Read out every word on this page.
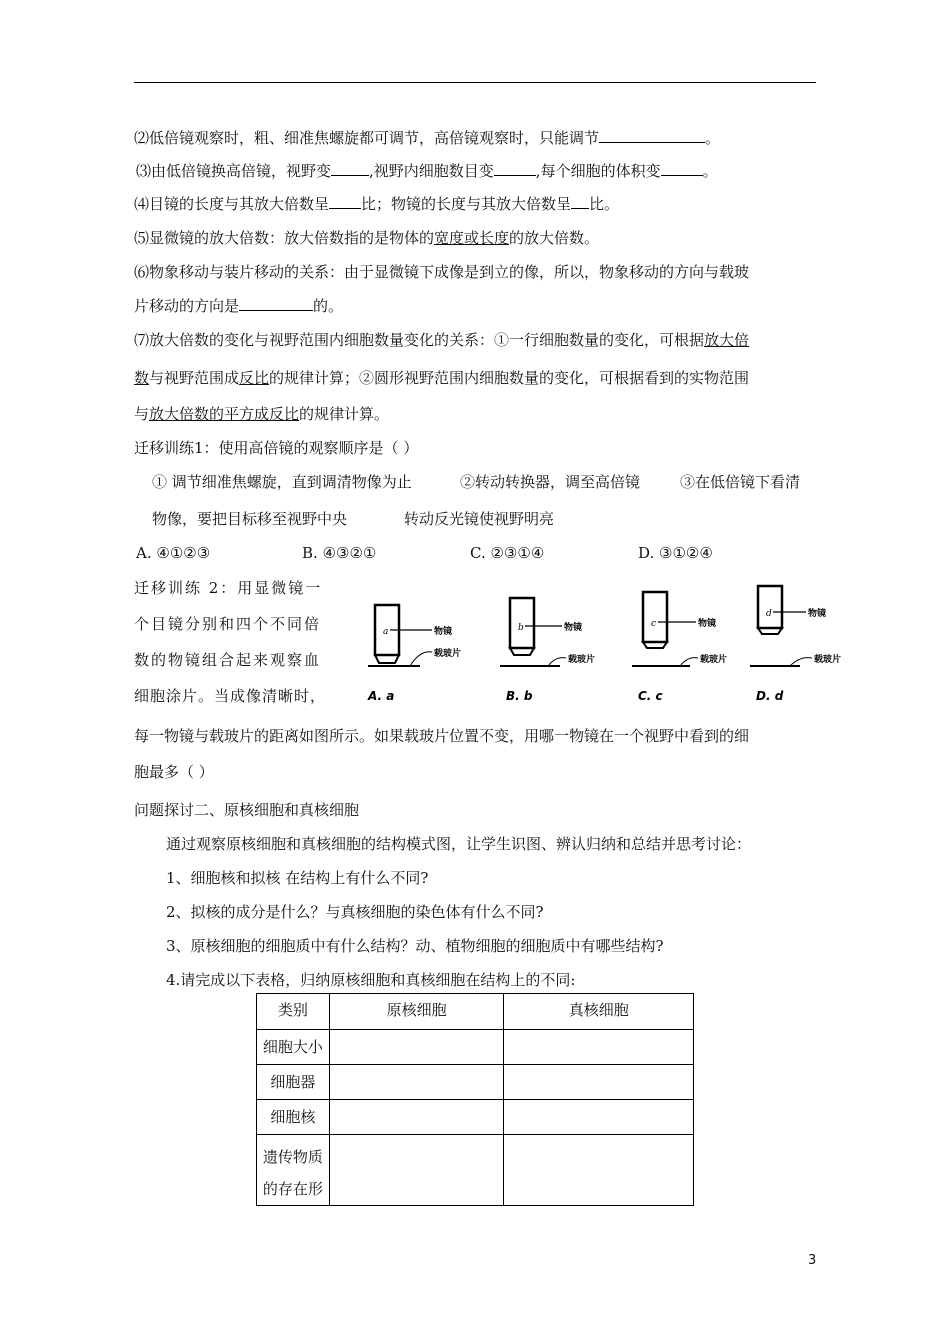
⑵低倍镜观察时，粗、细准焦螺旋都可调节，高倍镜观察时，只能调节	。
⑶由低倍镜换高倍镜，视野变	,视野内细胞数目变	,每个细胞的体积变	。
⑷目镜的长度与其放大倍数呈 比；物镜的长度与其放大倍数呈 比。
⑸显微镜的放大倍数：放大倍数指的是物体的宽度或长度的放大倍数。
⑹物象移动与装片移动的关系：由于显微镜下成像是到立的像，所以，物象移动的方向与载玻
片移动的方向是	的。
⑺放大倍数的变化与视野范围内细胞数量变化的关系：①一行细胞数量的变化，可根据放大倍
数与视野范围成反比的规律计算；②圆形视野范围内细胞数量的变化，可根据看到的实物范围
与放大倍数的平方成反比的规律计算。
迁移训练1：使用高倍镜的观察顺序是（ ）
① 调节细准焦螺旋，直到调清物像为止	②转动转换器，调至高倍镜	③在低倍镜下看清
物像，要把目标移至视野中央	转动反光镜使视野明亮
A. ④①②③	B. ④③②①	C. ②③①④	D. ③①②④
迁移训练 2：用显微镜一
个目镜分别和四个不同倍
数的物镜组合起来观察血
细胞涂片。当成像清晰时，
a	物镜
载玻片
A. a
b	物镜
载玻片
B. b
c	物镜
载玻片
C. c
d	物镜
载玻片
D. d
每一物镜与载玻片的距离如图所示。如果载玻片位置不变，用哪一物镜在一个视野中看到的细
胞最多（ ）
问题探讨二、原核细胞和真核细胞
通过观察原核细胞和真核细胞的结构模式图，让学生识图、辨认归纳和总结并思考讨论：
1、细胞核和拟核 在结构上有什么不同?
2、拟核的成分是什么？与真核细胞的染色体有什么不同?
3、原核细胞的细胞质中有什么结构？动、植物细胞的细胞质中有哪些结构?
4.请完成以下表格，归纳原核细胞和真核细胞在结构上的不同:
类别	原核细胞	真核细胞
细胞大小		
细胞器		
细胞核		

遗传物质
的存在形		

3
